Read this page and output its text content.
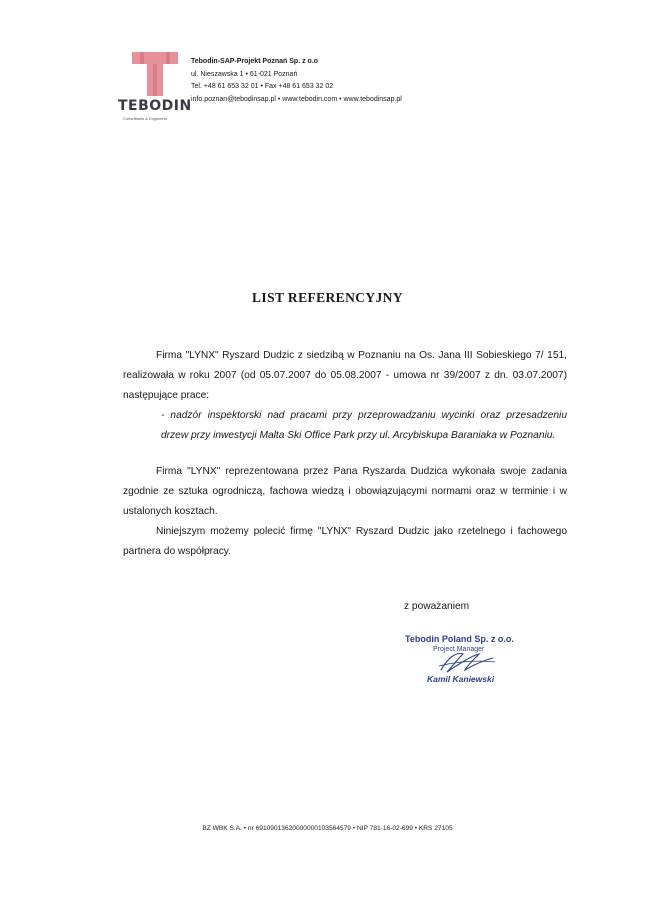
TEBODIN
Consultants & Engineers
Tebodin-SAP-Projekt Poznań Sp. z o.o
ul. Nieszawska 1 • 61-021 Poznań
Tel. +48 61 653 32 01 • Fax +48 61 653 32 02
info.poznan@tebodinsap.pl • www.tebodin.com • www.tebodinsap.pl
LIST REFERENCYJNY

Firma "LYNX" Ryszard Dudzic z siedzibą w Poznaniu na Os. Jana III Sobieskiego 7/ 151, realizowała w roku 2007 (od 05.07.2007 do 05.08.2007 - umowa nr 39/2007 z dn. 03.07.2007) następujące prace:

- nadzór inspektorski nad pracami przy przeprowadzaniu wycinki oraz przesadzeniu drzew przy inwestycji Malta Ski Office Park przy ul. Arcybiskupa Baraniaka w Poznaniu.

Firma "LYNX" reprezentowana przez Pana Ryszarda Dudzica wykonała swoje zadania zgodnie ze sztuka ogrodniczą, fachowa wiedzą i obowiązującymi normami oraz w terminie i w ustalonych kosztach.

Niniejszym możemy polecić firmę "LYNX" Ryszard Dudzic jako rzetelnego i fachowego partnera do współpracy.

z poważaniem
Tebodin Poland Sp. z o.o.
Project Manager
Kamil Kaniewski
BZ WBK S.A. • nr 69109013620000000103564579 • NIP 781-16-02-699 • KRS 27105
